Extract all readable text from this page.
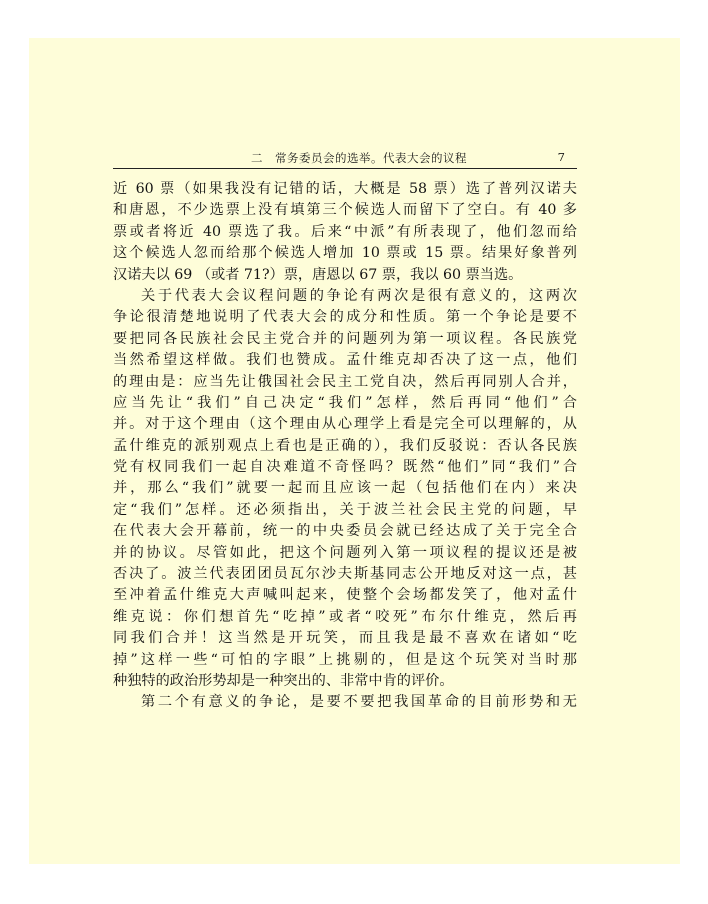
二　常务委员会的选举。代表大会的议程	7
近 60 票（如果我没有记错的话，大概是 58 票）选了普列汉诺夫
和唐恩，不少选票上没有填第三个候选人而留下了空白。有 40 多
票或者将近 40 票选了我。后来“中派”有所表现了，他们忽而给
这个候选人忽而给那个候选人增加 10 票或 15 票。结果好象普列
汉诺夫以 69 （或者 71?）票，唐恩以 67 票，我以 60 票当选。
关于代表大会议程问题的争论有两次是很有意义的，这两次
争论很清楚地说明了代表大会的成分和性质。第一个争论是要不
要把同各民族社会民主党合并的问题列为第一项议程。各民族党
当然希望这样做。我们也赞成。孟什维克却否决了这一点，他们
的理由是：应当先让俄国社会民主工党自决，然后再同别人合并，
应当先让“我们”自己决定“我们”怎样，然后再同“他们”合
并。对于这个理由（这个理由从心理学上看是完全可以理解的，从
孟什维克的派别观点上看也是正确的），我们反驳说：否认各民族
党有权同我们一起自决难道不奇怪吗？既然“他们”同“我们”合
并，那么“我们”就要一起而且应该一起（包括他们在内）来决
定“我们”怎样。还必须指出，关于波兰社会民主党的问题，早
在代表大会开幕前，统一的中央委员会就已经达成了关于完全合
并的协议。尽管如此，把这个问题列入第一项议程的提议还是被
否决了。波兰代表团团员瓦尔沙夫斯基同志公开地反对这一点，甚
至冲着孟什维克大声喊叫起来，使整个会场都发笑了，他对孟什
维克说：你们想首先“吃掉”或者“咬死”布尔什维克，然后再
同我们合并！这当然是开玩笑，而且我是最不喜欢在诸如“吃
掉”这样一些“可怕的字眼”上挑剔的，但是这个玩笑对当时那
种独特的政治形势却是一种突出的、非常中肯的评价。
第二个有意义的争论，是要不要把我国革命的目前形势和无
